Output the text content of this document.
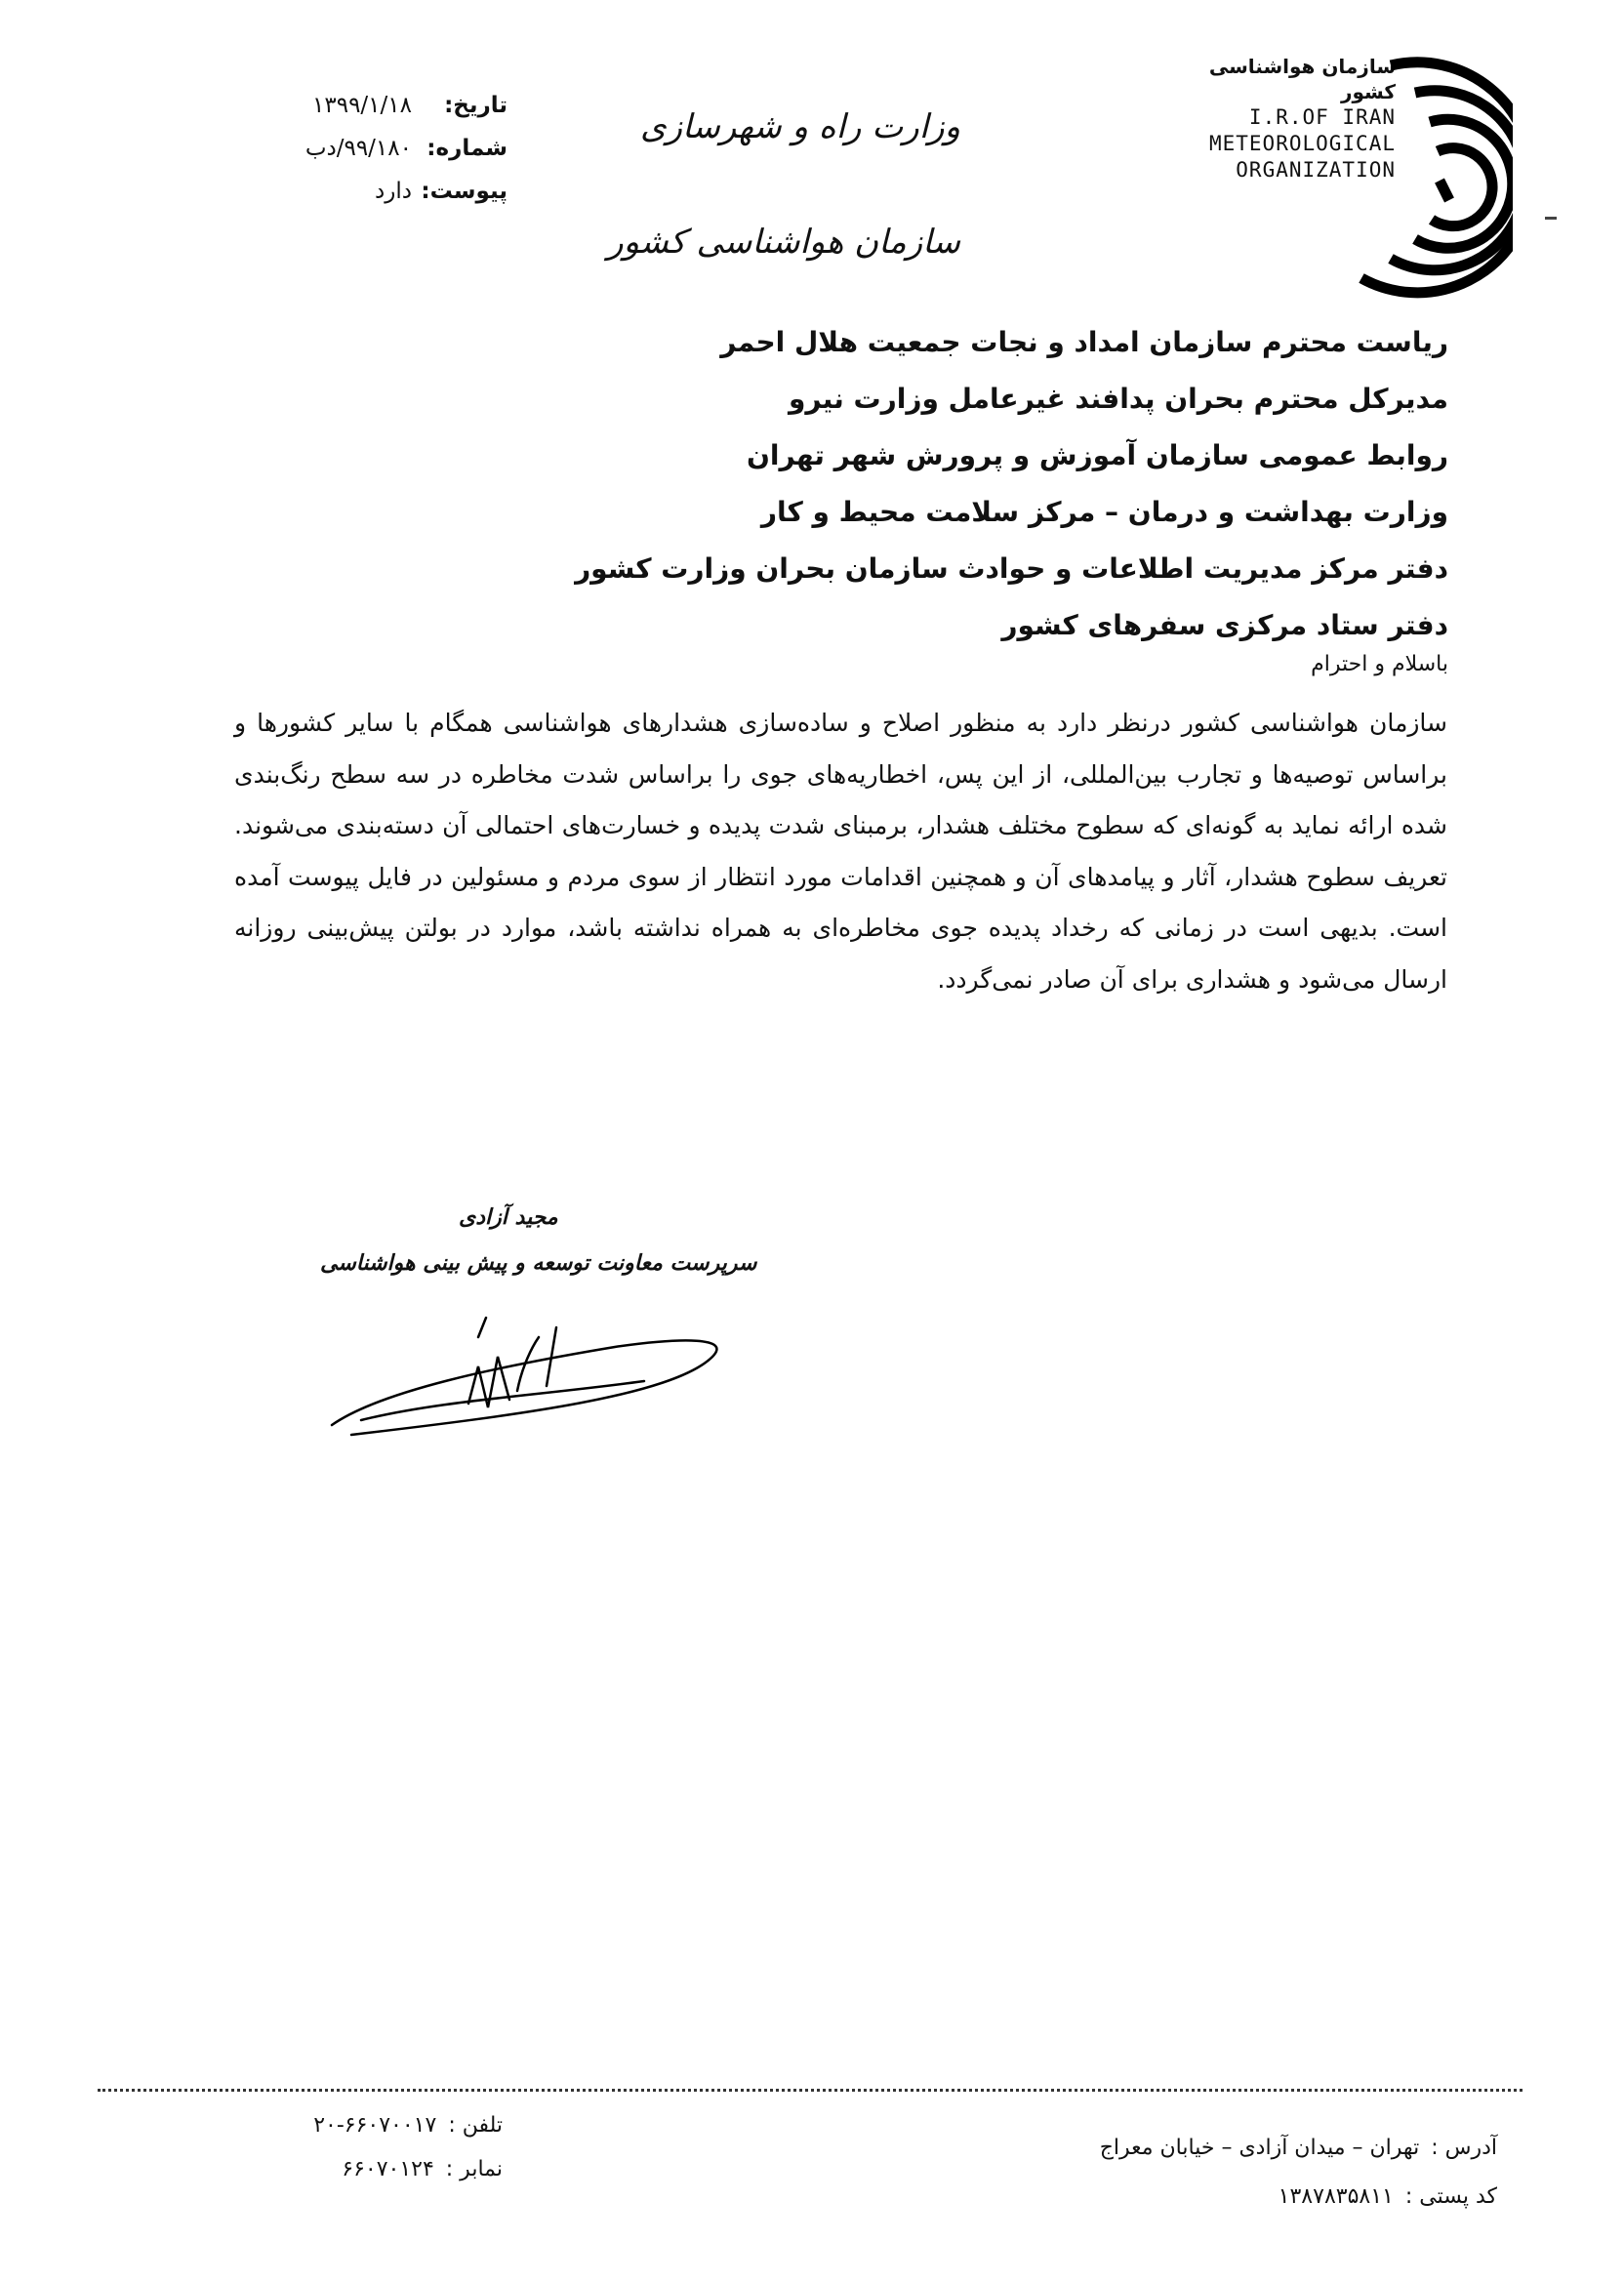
سازمان هواشناسی کشور
I.R.OF IRAN
METEOROLOGICAL
ORGANIZATION
وزارت راه و شهرسازی
سازمان هواشناسی کشور
تاریخ:
۱۳۹۹/۱/۱۸
شماره:
۹۹/۱۸۰/دب
پیوست:
دارد
ریاست محترم سازمان امداد و نجات جمعیت هلال احمر
مدیرکل محترم بحران پدافند غیرعامل وزارت نیرو
روابط عمومی سازمان آموزش و پرورش شهر تهران
وزارت بهداشت و درمان – مرکز سلامت محیط و کار
دفتر مرکز مدیریت اطلاعات و حوادث سازمان بحران وزارت کشور
دفتر ستاد مرکزی سفرهای کشور
باسلام و احترام
سازمان هواشناسی کشور درنظر دارد به منظور اصلاح و ساده‌سازی هشدارهای هواشناسی همگام با سایر کشورها و براساس توصیه‌ها و تجارب بین‌المللی، از این پس، اخطاریه‌های جوی را براساس شدت مخاطره در سه سطح رنگ‌بندی شده ارائه نماید به گونه‌ای که سطوح مختلف هشدار، برمبنای شدت پدیده و خسارت‌های احتمالی آن دسته‌بندی می‌شوند. تعریف سطوح هشدار، آثار و پیامدهای آن و همچنین اقدامات مورد انتظار از سوی مردم و مسئولین در فایل پیوست آمده است. بدیهی است در زمانی که رخداد پدیده جوی مخاطره‌ای به همراه نداشته باشد، موارد در بولتن پیش‌بینی روزانه ارسال می‌شود و هشداری برای آن صادر نمی‌گردد.
مجید آزادی
سرپرست معاونت توسعه و پیش بینی هواشناسی
تلفن :
۲۰-۶۶۰۷۰۰۱۷
نمابر :
۶۶۰۷۰۱۲۴
آدرس :
تهران – میدان آزادی – خیابان معراج
کد پستی :
۱۳۸۷۸۳۵۸۱۱
